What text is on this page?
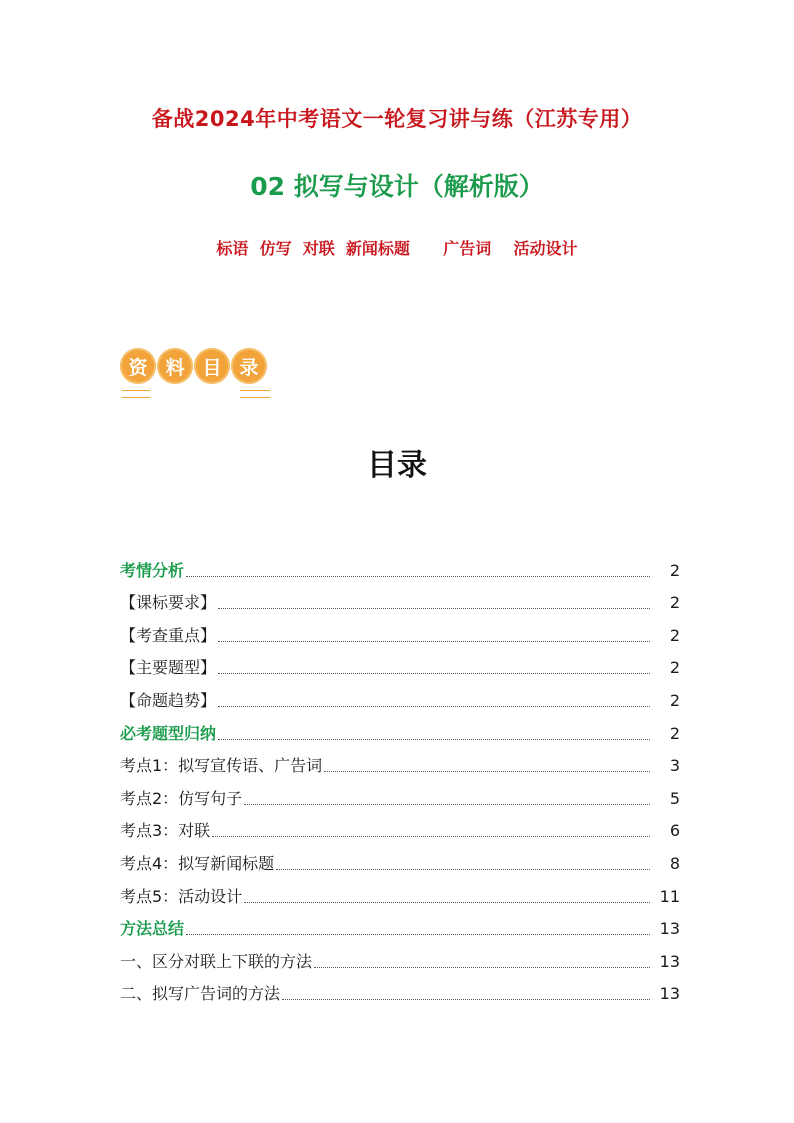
备战2024年中考语文一轮复习讲与练（江苏专用）
02 拟写与设计（解析版）
标语  仿写  对联  新闻标题      广告词    活动设计
资 料 目 录
目录
考情分析	2
【课标要求】	2
【考查重点】	2
【主要题型】	2
【命题趋势】	2
必考题型归纳	2
考点1：拟写宣传语、广告词	3
考点2：仿写句子	5
考点3：对联	6
考点4：拟写新闻标题	8
考点5：活动设计	11
方法总结	13
一、区分对联上下联的方法	13
二、拟写广告词的方法	13
